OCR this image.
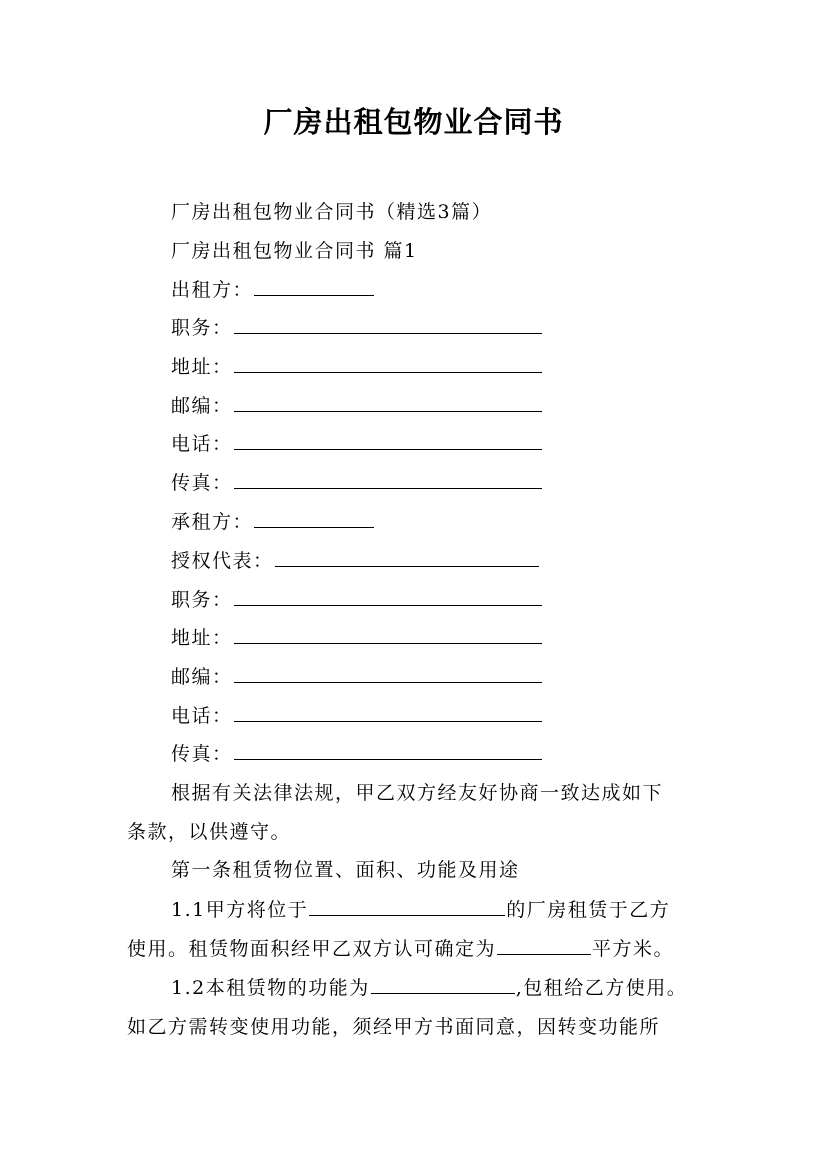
厂房出租包物业合同书
厂房出租包物业合同书（精选3篇）
厂房出租包物业合同书 篇1
出租方：
职务：
地址：
邮编：
电话：
传真：
承租方：
授权代表：
职务：
地址：
邮编：
电话：
传真：
根据有关法律法规，甲乙双方经友好协商一致达成如下
条款，以供遵守。
第一条租赁物位置、面积、功能及用途
1.1甲方将位于	的厂房租赁于乙方
使用。租赁物面积经甲乙双方认可确定为	平方米。
1.2本租赁物的功能为	,包租给乙方使用。
如乙方需转变使用功能，须经甲方书面同意，因转变功能所
